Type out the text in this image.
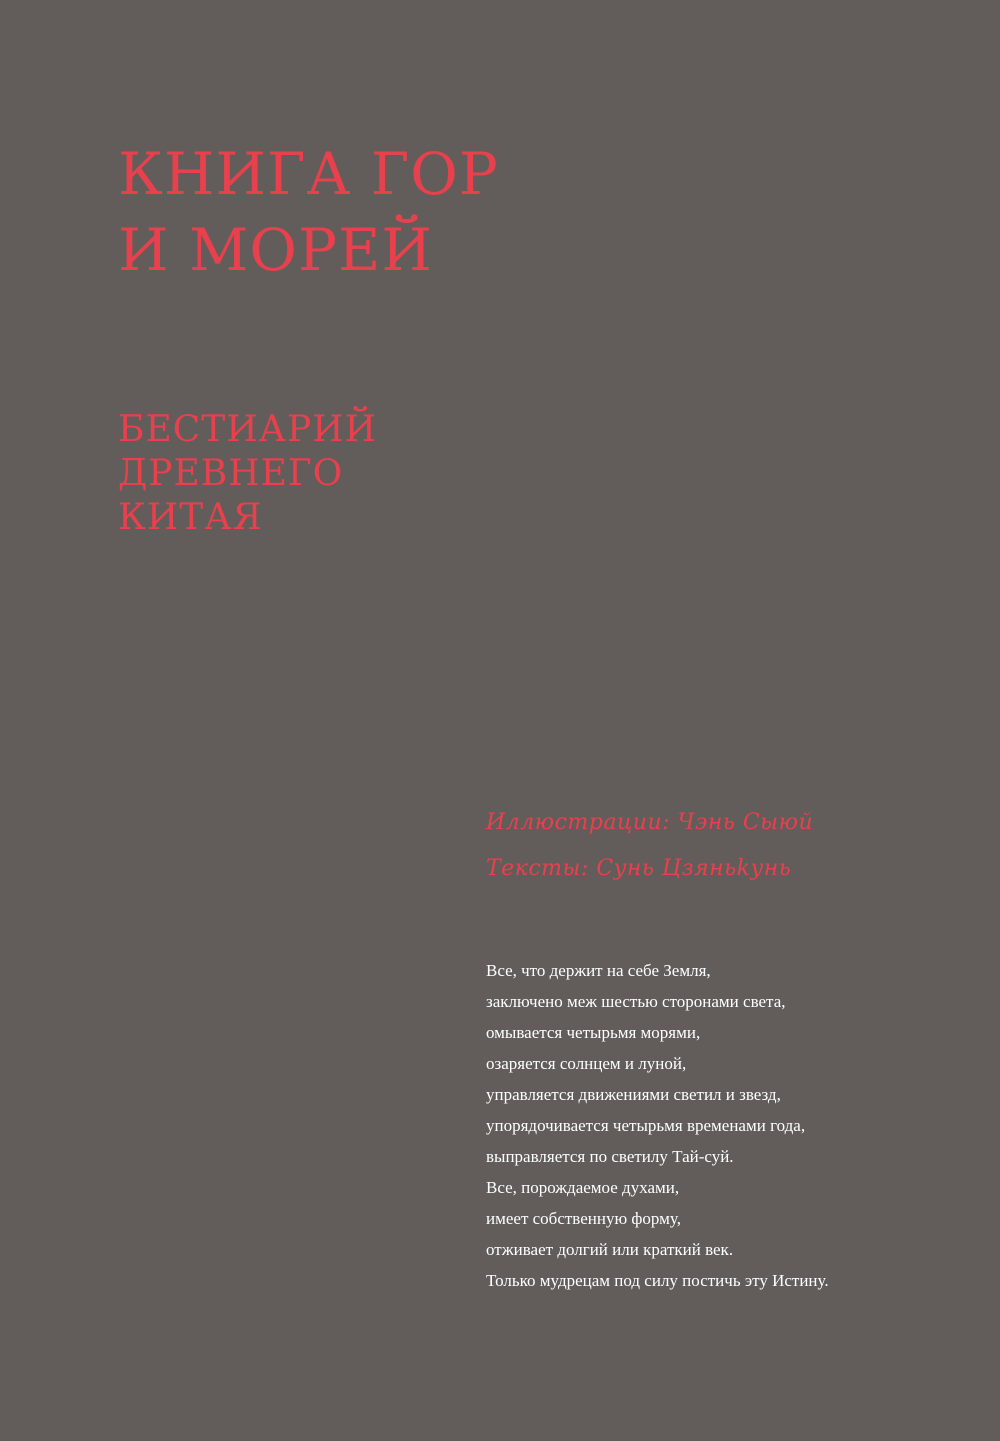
КНИГА ГОР
И МОРЕЙ
БЕСТИАРИЙ
ДРЕВНЕГО
КИТАЯ
Иллюстрации: Чэнь Сыюй
Тексты: Сунь Цзяньkунь
Все, что держит на себе Земля,
заключено меж шестью сторонами света,
омывается четырьмя морями,
озаряется солнцем и луной,
управляется движениями светил и звезд,
упорядочивается четырьмя временами года,
выправляется по светилу Тай-суй.
Все, порождаемое духами,
имеет собственную форму,
отживает долгий или краткий век.
Только мудрецам под силу постичь эту Истину.
